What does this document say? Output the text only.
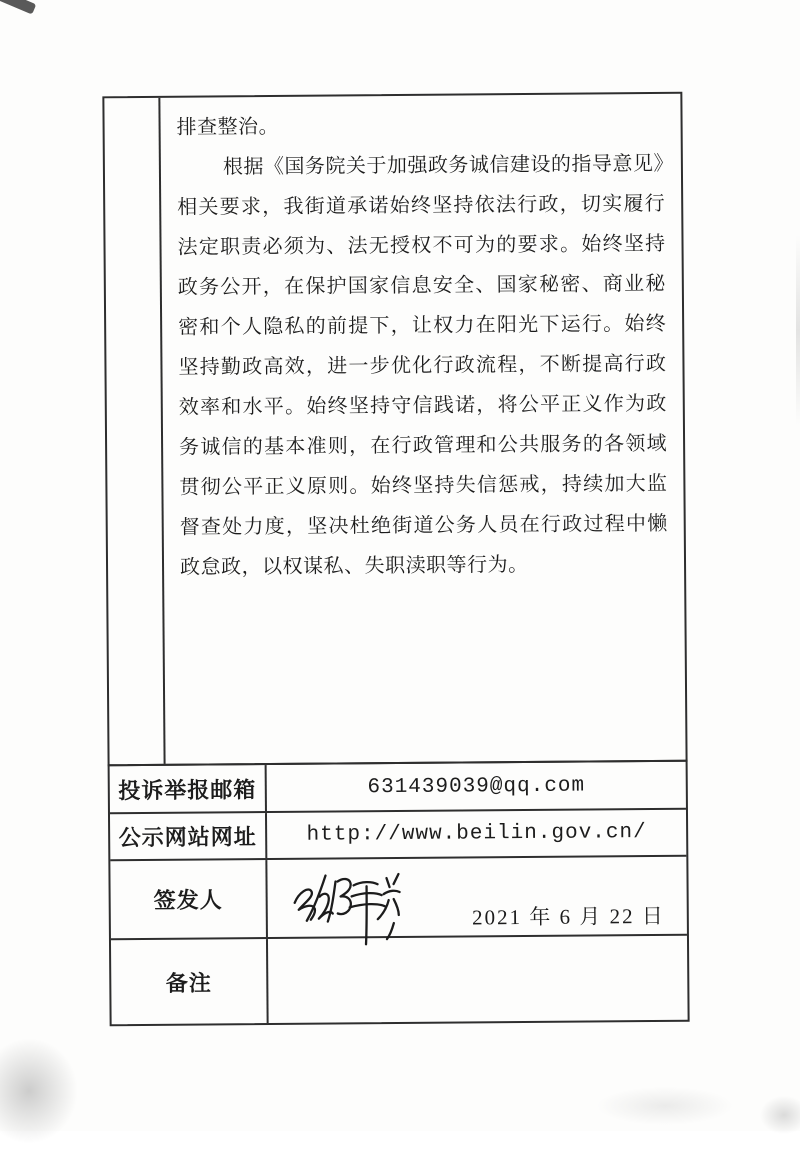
排查整治。
根据《国务院关于加强政务诚信建设的指导意见》
相关要求，我街道承诺始终坚持依法行政，切实履行
法定职责必须为、法无授权不可为的要求。始终坚持
政务公开，在保护国家信息安全、国家秘密、商业秘
密和个人隐私的前提下，让权力在阳光下运行。始终
坚持勤政高效，进一步优化行政流程，不断提高行政
效率和水平。始终坚持守信践诺，将公平正义作为政
务诚信的基本准则，在行政管理和公共服务的各领域
贯彻公平正义原则。始终坚持失信惩戒，持续加大监
督查处力度，坚决杜绝街道公务人员在行政过程中懒
政怠政，以权谋私、失职渎职等行为。
投诉举报邮箱	631439039@qq.com
公示网站网址	http://www.beilin.gov.cn/
签发人
2021 年 6 月 22 日
备注
